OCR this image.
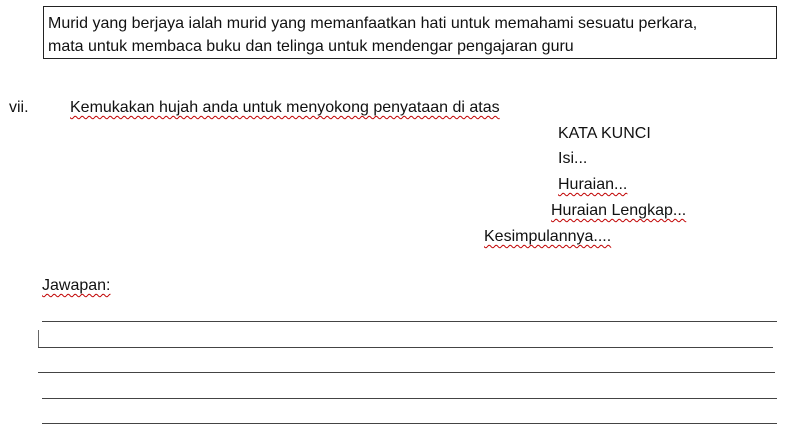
Murid yang berjaya ialah murid yang memanfaatkan hati untuk memahami sesuatu perkara,
mata untuk membaca buku dan telinga untuk mendengar pengajaran guru
vii.	Kemukakan hujah anda untuk menyokong penyataan di atas
KATA KUNCI
Isi...
Huraian...
Huraian Lengkap...
Kesimpulannya....
Jawapan:
